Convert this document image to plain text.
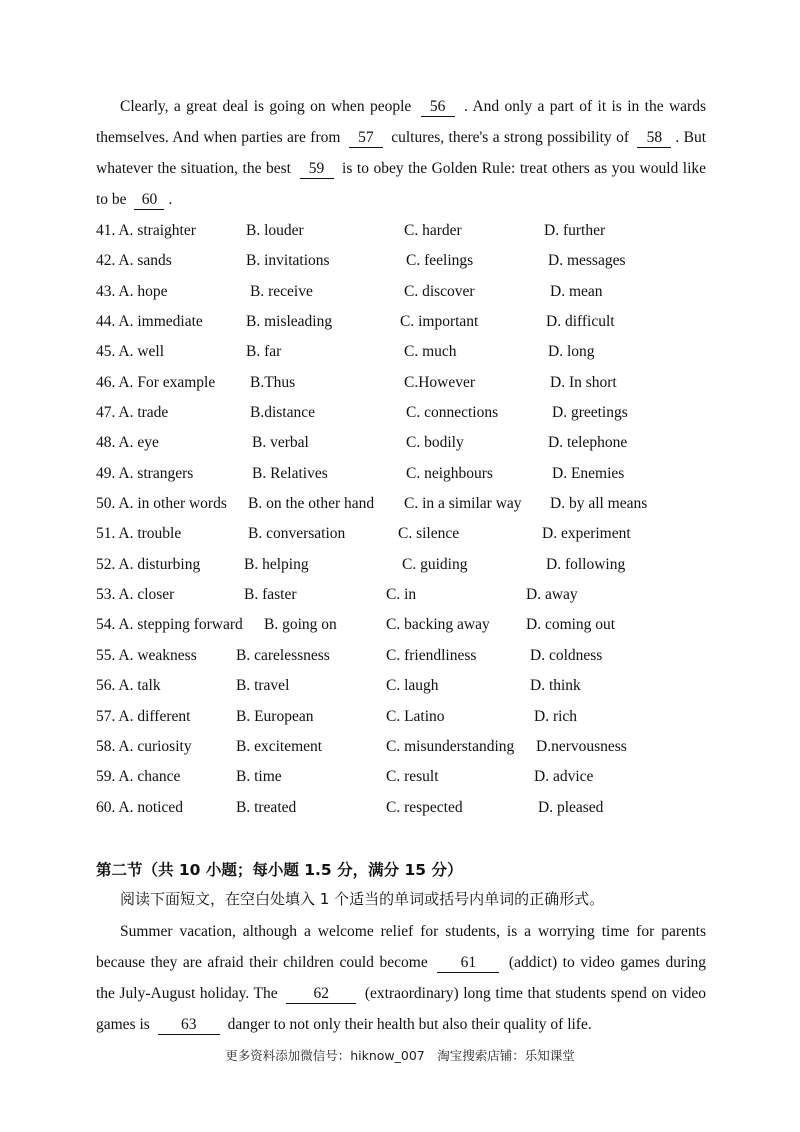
Clearly, a great deal is going on when people 56 . And only a part of it is in the wards themselves. And when parties are from 57 cultures, there's a strong possibility of 58 . But whatever the situation, the best 59 is to obey the Golden Rule: treat others as you would like to be 60 .

41. A. straighter	B. louder	C. harder	D. further
42. A. sands	B. invitations	C. feelings	D. messages
43. A. hope	B. receive	C. discover	D. mean
44. A. immediate	B. misleading	C. important	D. difficult
45. A. well	B. far	C. much	D. long
46. A. For example B.Thus	C.However	D. In short
47. A. trade	B.distance	C. connections	D. greetings
48. A. eye	B. verbal	C. bodily	D. telephone
49. A. strangers	B. Relatives	C. neighbours	D. Enemies
50. A. in other words B. on the other hand C. in a similar way D. by all means
51. A. trouble	B. conversation	C. silence	D. experiment
52. A. disturbing	B. helping	C. guiding	D. following
53. A. closer	B. faster	C. in	D. away
54. A. stepping forward B. going on	C. backing away D. coming out
55. A. weakness	B. carelessness	C. friendliness	D. coldness
56. A. talk	B. travel	C. laugh	D. think
57. A. different	B. European	C. Latino	D. rich
58. A. curiosity	B. excitement	C. misunderstanding D.nervousness
59. A. chance	B. time	C. result	D. advice
60. A. noticed	B. treated	C. respected	D. pleased
第二节（共 10 小题；每小题 1.5 分，满分 15 分）
阅读下面短文，在空白处填入 1 个适当的单词或括号内单词的正确形式。

Summer vacation, although a welcome relief for students, is a worrying time for parents because they are afraid their children could become 61 (addict) to video games during the July-August holiday. The 62 (extraordinary) long time that students spend on video games is 63 danger to not only their health but also their quality of life.

更多资料添加微信号：hiknow_007　淘宝搜索店铺：乐知课堂
